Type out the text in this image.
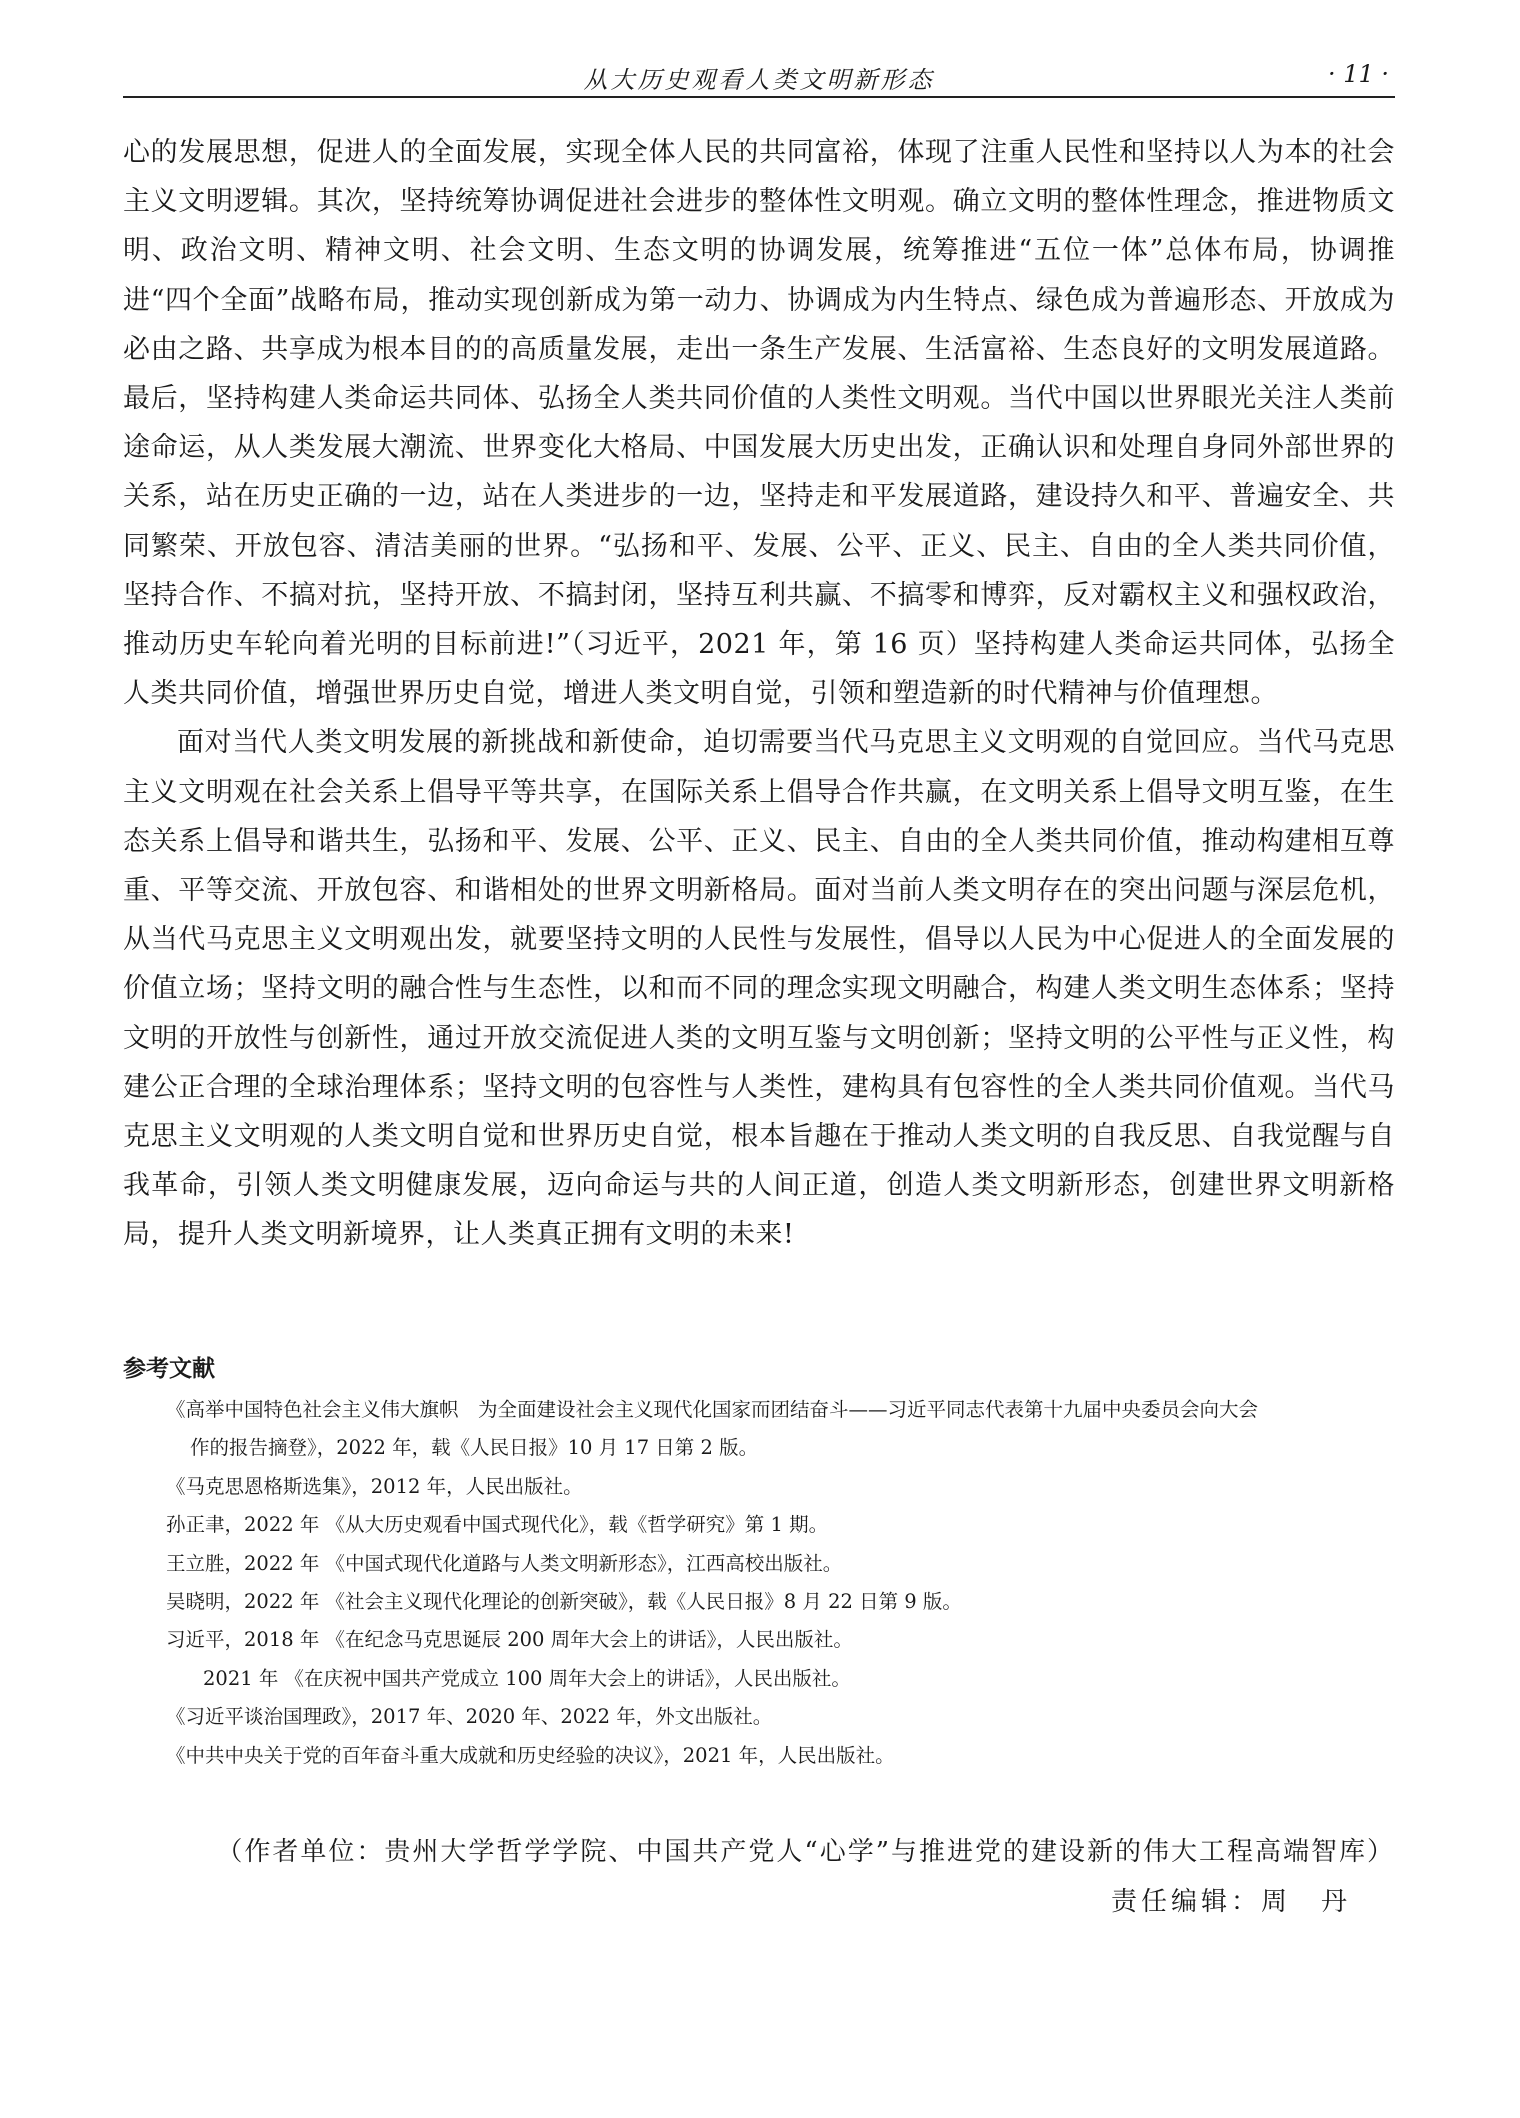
从大历史观看人类文明新形态	· 11 ·

心的发展思想，促进人的全面发展，实现全体人民的共同富裕，体现了注重人民性和坚持以人为本的社会主义文明逻辑。其次，坚持统筹协调促进社会进步的整体性文明观。确立文明的整体性理念，推进物质文明、政治文明、精神文明、社会文明、生态文明的协调发展，统筹推进“五位一体”总体布局，协调推进“四个全面”战略布局，推动实现创新成为第一动力、协调成为内生特点、绿色成为普遍形态、开放成为必由之路、共享成为根本目的的高质量发展，走出一条生产发展、生活富裕、生态良好的文明发展道路。最后，坚持构建人类命运共同体、弘扬全人类共同价值的人类性文明观。当代中国以世界眼光关注人类前途命运，从人类发展大潮流、世界变化大格局、中国发展大历史出发，正确认识和处理自身同外部世界的关系，站在历史正确的一边，站在人类进步的一边，坚持走和平发展道路，建设持久和平、普遍安全、共同繁荣、开放包容、清洁美丽的世界。“弘扬和平、发展、公平、正义、民主、自由的全人类共同价值，坚持合作、不搞对抗，坚持开放、不搞封闭，坚持互利共赢、不搞零和博弈，反对霸权主义和强权政治，推动历史车轮向着光明的目标前进!”（习近平，2021 年，第 16 页）坚持构建人类命运共同体，弘扬全人类共同价值，增强世界历史自觉，增进人类文明自觉，引领和塑造新的时代精神与价值理想。

面对当代人类文明发展的新挑战和新使命，迫切需要当代马克思主义文明观的自觉回应。当代马克思主义文明观在社会关系上倡导平等共享，在国际关系上倡导合作共赢，在文明关系上倡导文明互鉴，在生态关系上倡导和谐共生，弘扬和平、发展、公平、正义、民主、自由的全人类共同价值，推动构建相互尊重、平等交流、开放包容、和谐相处的世界文明新格局。面对当前人类文明存在的突出问题与深层危机，从当代马克思主义文明观出发，就要坚持文明的人民性与发展性，倡导以人民为中心促进人的全面发展的价值立场；坚持文明的融合性与生态性，以和而不同的理念实现文明融合，构建人类文明生态体系；坚持文明的开放性与创新性，通过开放交流促进人类的文明互鉴与文明创新；坚持文明的公平性与正义性，构建公正合理的全球治理体系；坚持文明的包容性与人类性，建构具有包容性的全人类共同价值观。当代马克思主义文明观的人类文明自觉和世界历史自觉，根本旨趣在于推动人类文明的自我反思、自我觉醒与自我革命，引领人类文明健康发展，迈向命运与共的人间正道，创造人类文明新形态，创建世界文明新格局，提升人类文明新境界，让人类真正拥有文明的未来!

参考文献

《高举中国特色社会主义伟大旗帜　为全面建设社会主义现代化国家而团结奋斗——习近平同志代表第十九届中央委员会向大会

作的报告摘登》，2022 年，载《人民日报》10 月 17 日第 2 版。

《马克思恩格斯选集》，2012 年，人民出版社。

孙正聿，2022 年 《从大历史观看中国式现代化》，载《哲学研究》第 1 期。

王立胜，2022 年 《中国式现代化道路与人类文明新形态》，江西高校出版社。

吴晓明，2022 年 《社会主义现代化理论的创新突破》，载《人民日报》8 月 22 日第 9 版。

习近平，2018 年 《在纪念马克思诞辰 200 周年大会上的讲话》，人民出版社。

2021 年 《在庆祝中国共产党成立 100 周年大会上的讲话》，人民出版社。

《习近平谈治国理政》，2017 年、2020 年、2022 年，外文出版社。

《中共中央关于党的百年奋斗重大成就和历史经验的决议》，2021 年，人民出版社。

（作者单位：贵州大学哲学学院、中国共产党人“心学”与推进党的建设新的伟大工程高端智库）
责任编辑：周　丹
